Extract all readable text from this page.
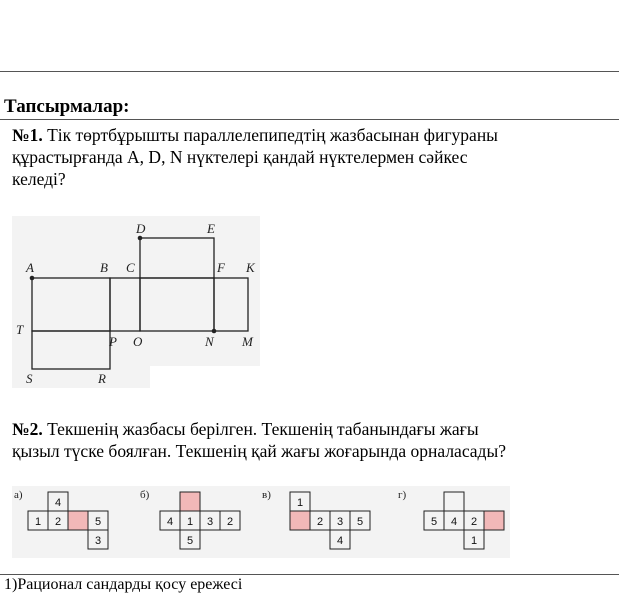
Тапсырмалар:
№1. Тік төртбұрышты параллелепипедтің жазбасынан фигураны
құрастырғанда A, D, N нүктелері қандай нүктелермен сәйкес
келеді?
D	E
A	B C	F K
T
P O	N M
S	R
№2. Текшенің жазбасы берілген. Текшенің табанындағы жағы
қызыл түске боялған. Текшенің қай жағы жоғарында орналасады?
а)
4
1 2	5
3
б)
4 1 3 2
5
в)
1
2 3 5
4
г)
5 4 2
1
1)Рационал сандарды қосу ережесі
